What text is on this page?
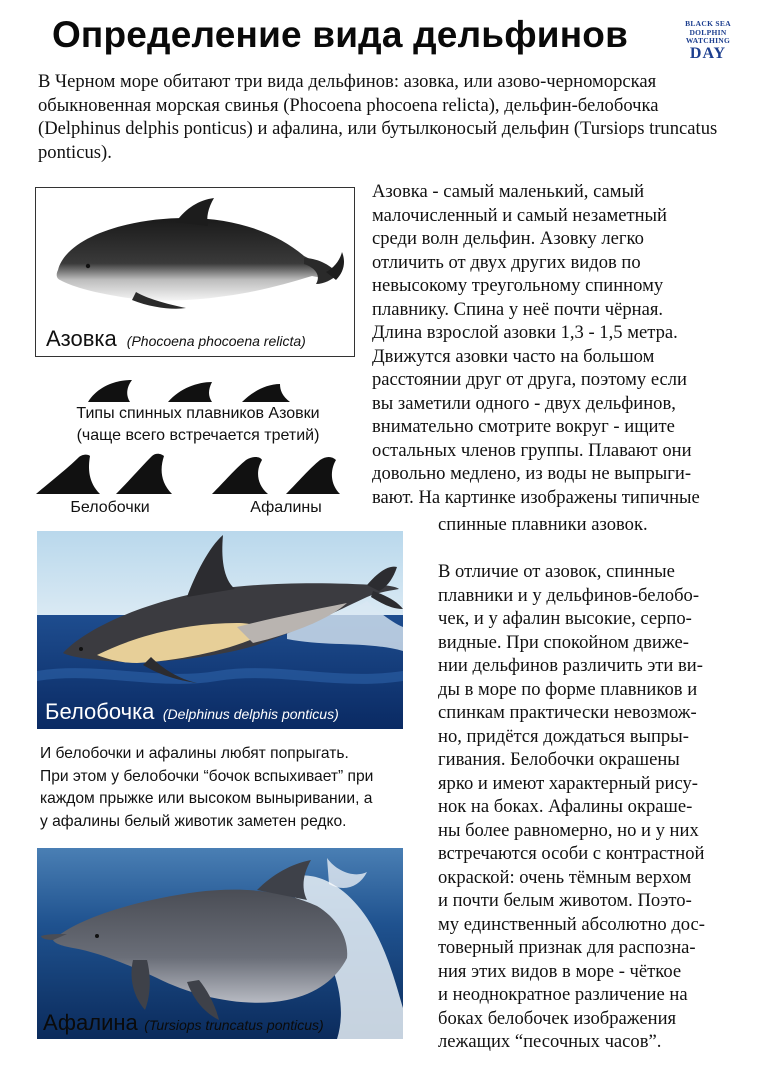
Определение вида дельфинов	BLACK SEA
DOLPHIN
WATCHING
DAY
В Черном море обитают три вида дельфинов: азовка, или азово-черноморская обыкновенная морская свинья (Phocoena phocoena relicta), дельфин-белобочка (Delphinus delphis ponticus) и афалина, или бутылконосый дельфин (Tursiops truncatus ponticus).
Азовка (Phocoena phocoena relicta)
Типы спинных плавников Азовки
(чаще всего встречается третий)
Белобочки	Афалины
Азовка - самый маленький, самый
малочисленный и самый незаметный
среди волн дельфин. Азовку легко
отличить от двух других видов по
невысокому треугольному спинному
плавнику. Спина у неё почти чёрная.
Длина взрослой азовки 1,3 - 1,5 метра.
Движутся азовки часто на большом
расстоянии друг от друга, поэтому если
вы заметили одного - двух дельфинов,
внимательно смотрите вокруг - ищите
остальных членов группы. Плавают они
довольно медлено, из воды не выпрыги-
вают. На картинке изображены типичные
спинные плавники азовок.
Белобочка (Delphinus delphis ponticus)
В отличие от азовок, спинные
плавники и у дельфинов-белобо-
чек, и у афалин высокие, серпо-
видные. При спокойном движе-
нии дельфинов различить эти ви-
ды в море по форме плавников и
спинкам практически невозмож-
но, придётся дождаться выпры-
гивания. Белобочки окрашены
ярко и имеют характерный рису-
нок на боках. Афалины окраше-
ны более равномерно, но и у них
встречаются особи с контрастной
окраской: очень тёмным верхом
и почти белым животом. Поэто-
му единственный абсолютно дос-
товерный признак для распозна-
ния этих видов в море - чёткое
и неоднократное различение на
боках белобочек изображения
лежащих “песочных часов”.
И белобочки и афалины любят попрыгать.
При этом у белобочки “бочок вспыхивает” при
каждом прыжке или высоком выныривании, а
у афалины белый животик заметен редко.
Афалина (Tursiops truncatus ponticus)
